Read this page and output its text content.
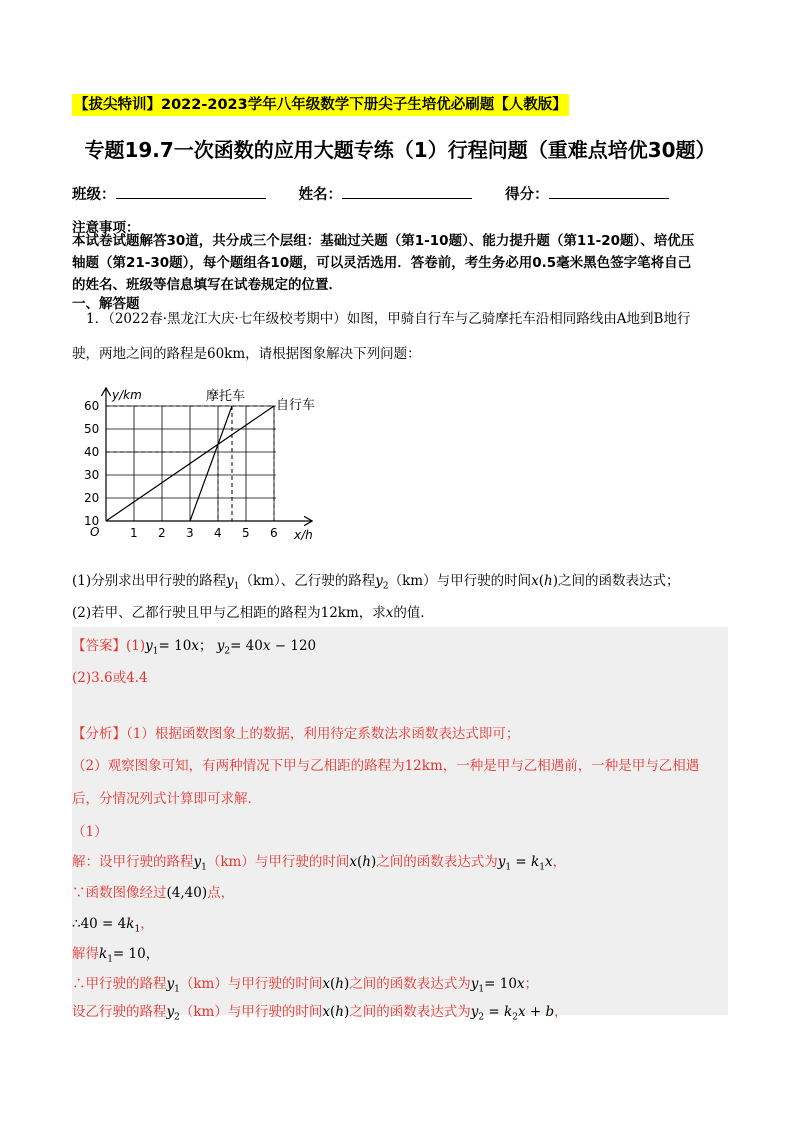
【拔尖特训】2022-2023学年八年级数学下册尖子生培优必刷题【人教版】
专题19.7一次函数的应用大题专练（1）行程问题（重难点培优30题）
班级：	姓名：	得分：
注意事项：
本试卷试题解答30道，共分成三个层组：基础过关题（第1-10题）、能力提升题（第11-20题）、培优压
轴题（第21-30题），每个题组各10题，可以灵活选用．答卷前，考生务必用0.5毫米黑色签字笔将自己
的姓名、班级等信息填写在试卷规定的位置．
一、解答题
1．（2022春·黑龙江大庆·七年级校考期中）如图，甲骑自行车与乙骑摩托车沿相同路线由A地到B地行
驶，两地之间的路程是60km，请根据图象解决下列问题：
y/km
x/h
O
摩托车
自行车
60
50
40
30
20
10
1 2 3 4 5 6
(1)分别求出甲行驶的路程$y_1(km)$、乙行驶的路程$y_2(km)$与甲行驶的时间x(h)之间的函数表达式；
(2)若甲、乙都行驶且甲与乙相距的路程为12km，求x的值．
【答案】$(1)y_1= 10x$； $y_2= 40x - 120$
(2)3.6或4.4
【分析】（1）根据函数图象上的数据，利用待定系数法求函数表达式即可；
（2）观察图象可知，有两种情况下甲与乙相距的路程为12km，一种是甲与乙相遇前，一种是甲与乙相遇
后，分情况列式计算即可求解．
（1）
解：设甲行驶的路程$y_1(km)$与甲行驶的时间x(h)之间的函数表达式为$y_1 = k_1x$，
∵函数图像经过(4,40)点，
∴40 = $4k_1$，
解得$k_1= 10$，
∴甲行驶的路程$y_1(km)$与甲行驶的时间x(h)之间的函数表达式为$y_1= 10x$；
设乙行驶的路程$y_2(km)$与甲行驶的时间x(h)之间的函数表达式为$y_2 = k_2x + b$，
